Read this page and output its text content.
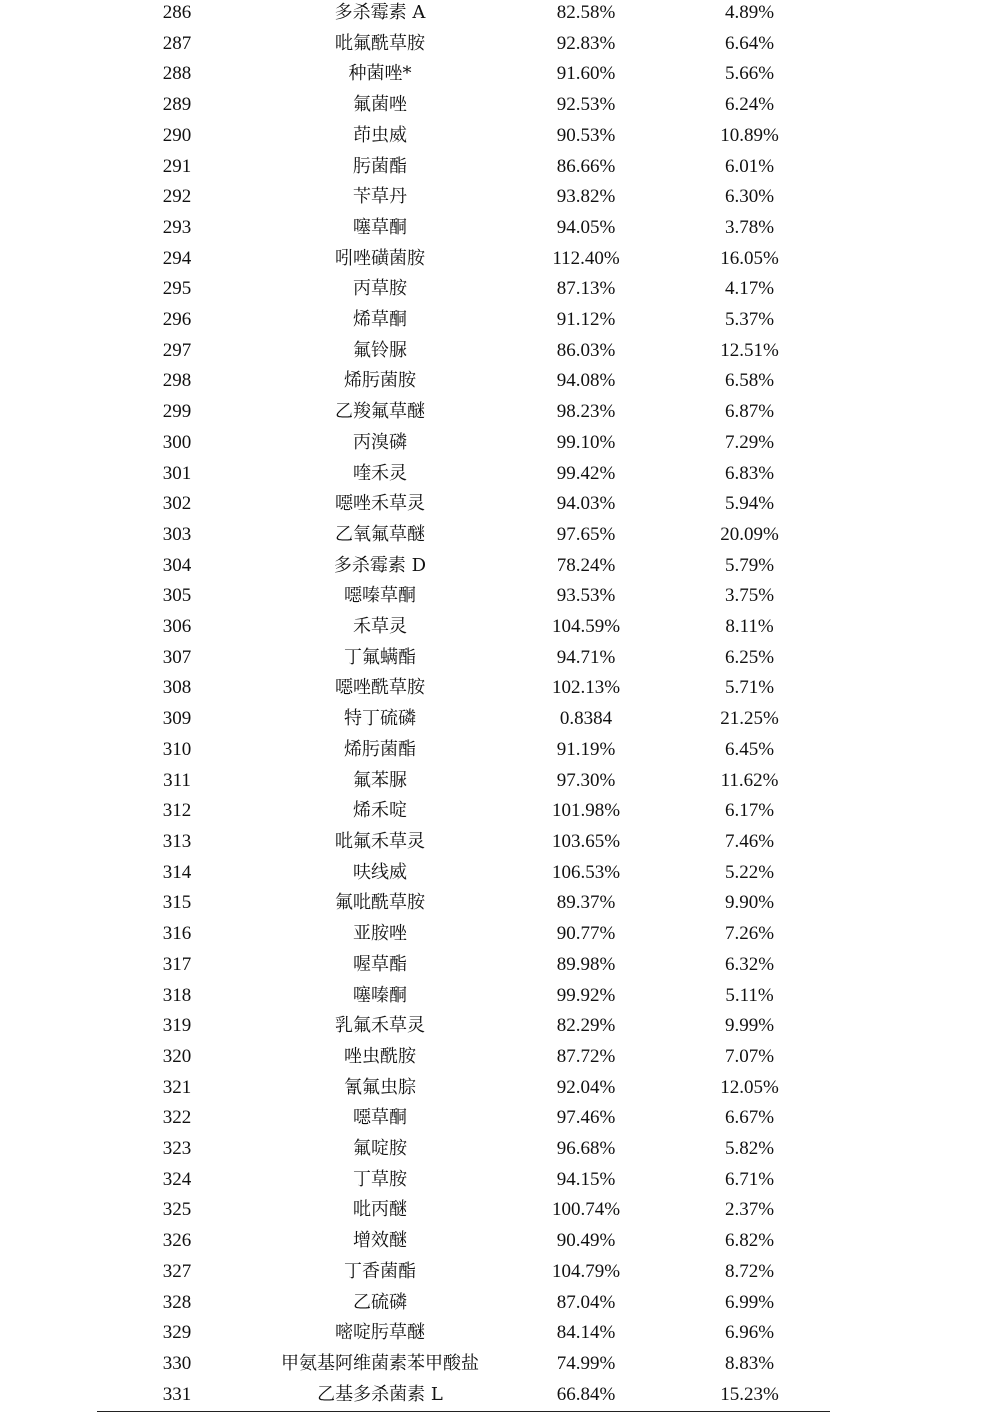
286	多杀霉素 A	82.58%	4.89%
287	吡氟酰草胺	92.83%	6.64%
288	种菌唑*	91.60%	5.66%
289	氟菌唑	92.53%	6.24%
290	茚虫威	90.53%	10.89%
291	肟菌酯	86.66%	6.01%
292	苄草丹	93.82%	6.30%
293	噻草酮	94.05%	3.78%
294	吲唑磺菌胺	112.40%	16.05%
295	丙草胺	87.13%	4.17%
296	烯草酮	91.12%	5.37%
297	氟铃脲	86.03%	12.51%
298	烯肟菌胺	94.08%	6.58%
299	乙羧氟草醚	98.23%	6.87%
300	丙溴磷	99.10%	7.29%
301	喹禾灵	99.42%	6.83%
302	噁唑禾草灵	94.03%	5.94%
303	乙氧氟草醚	97.65%	20.09%
304	多杀霉素 D	78.24%	5.79%
305	噁嗪草酮	93.53%	3.75%
306	禾草灵	104.59%	8.11%
307	丁氟螨酯	94.71%	6.25%
308	噁唑酰草胺	102.13%	5.71%
309	特丁硫磷	0.8384	21.25%
310	烯肟菌酯	91.19%	6.45%
311	氟苯脲	97.30%	11.62%
312	烯禾啶	101.98%	6.17%
313	吡氟禾草灵	103.65%	7.46%
314	呋线威	106.53%	5.22%
315	氟吡酰草胺	89.37%	9.90%
316	亚胺唑	90.77%	7.26%
317	喔草酯	89.98%	6.32%
318	噻嗪酮	99.92%	5.11%
319	乳氟禾草灵	82.29%	9.99%
320	唑虫酰胺	87.72%	7.07%
321	氰氟虫腙	92.04%	12.05%
322	噁草酮	97.46%	6.67%
323	氟啶胺	96.68%	5.82%
324	丁草胺	94.15%	6.71%
325	吡丙醚	100.74%	2.37%
326	增效醚	90.49%	6.82%
327	丁香菌酯	104.79%	8.72%
328	乙硫磷	87.04%	6.99%
329	嘧啶肟草醚	84.14%	6.96%
330	甲氨基阿维菌素苯甲酸盐	74.99%	8.83%
331	乙基多杀菌素 L	66.84%	15.23%
